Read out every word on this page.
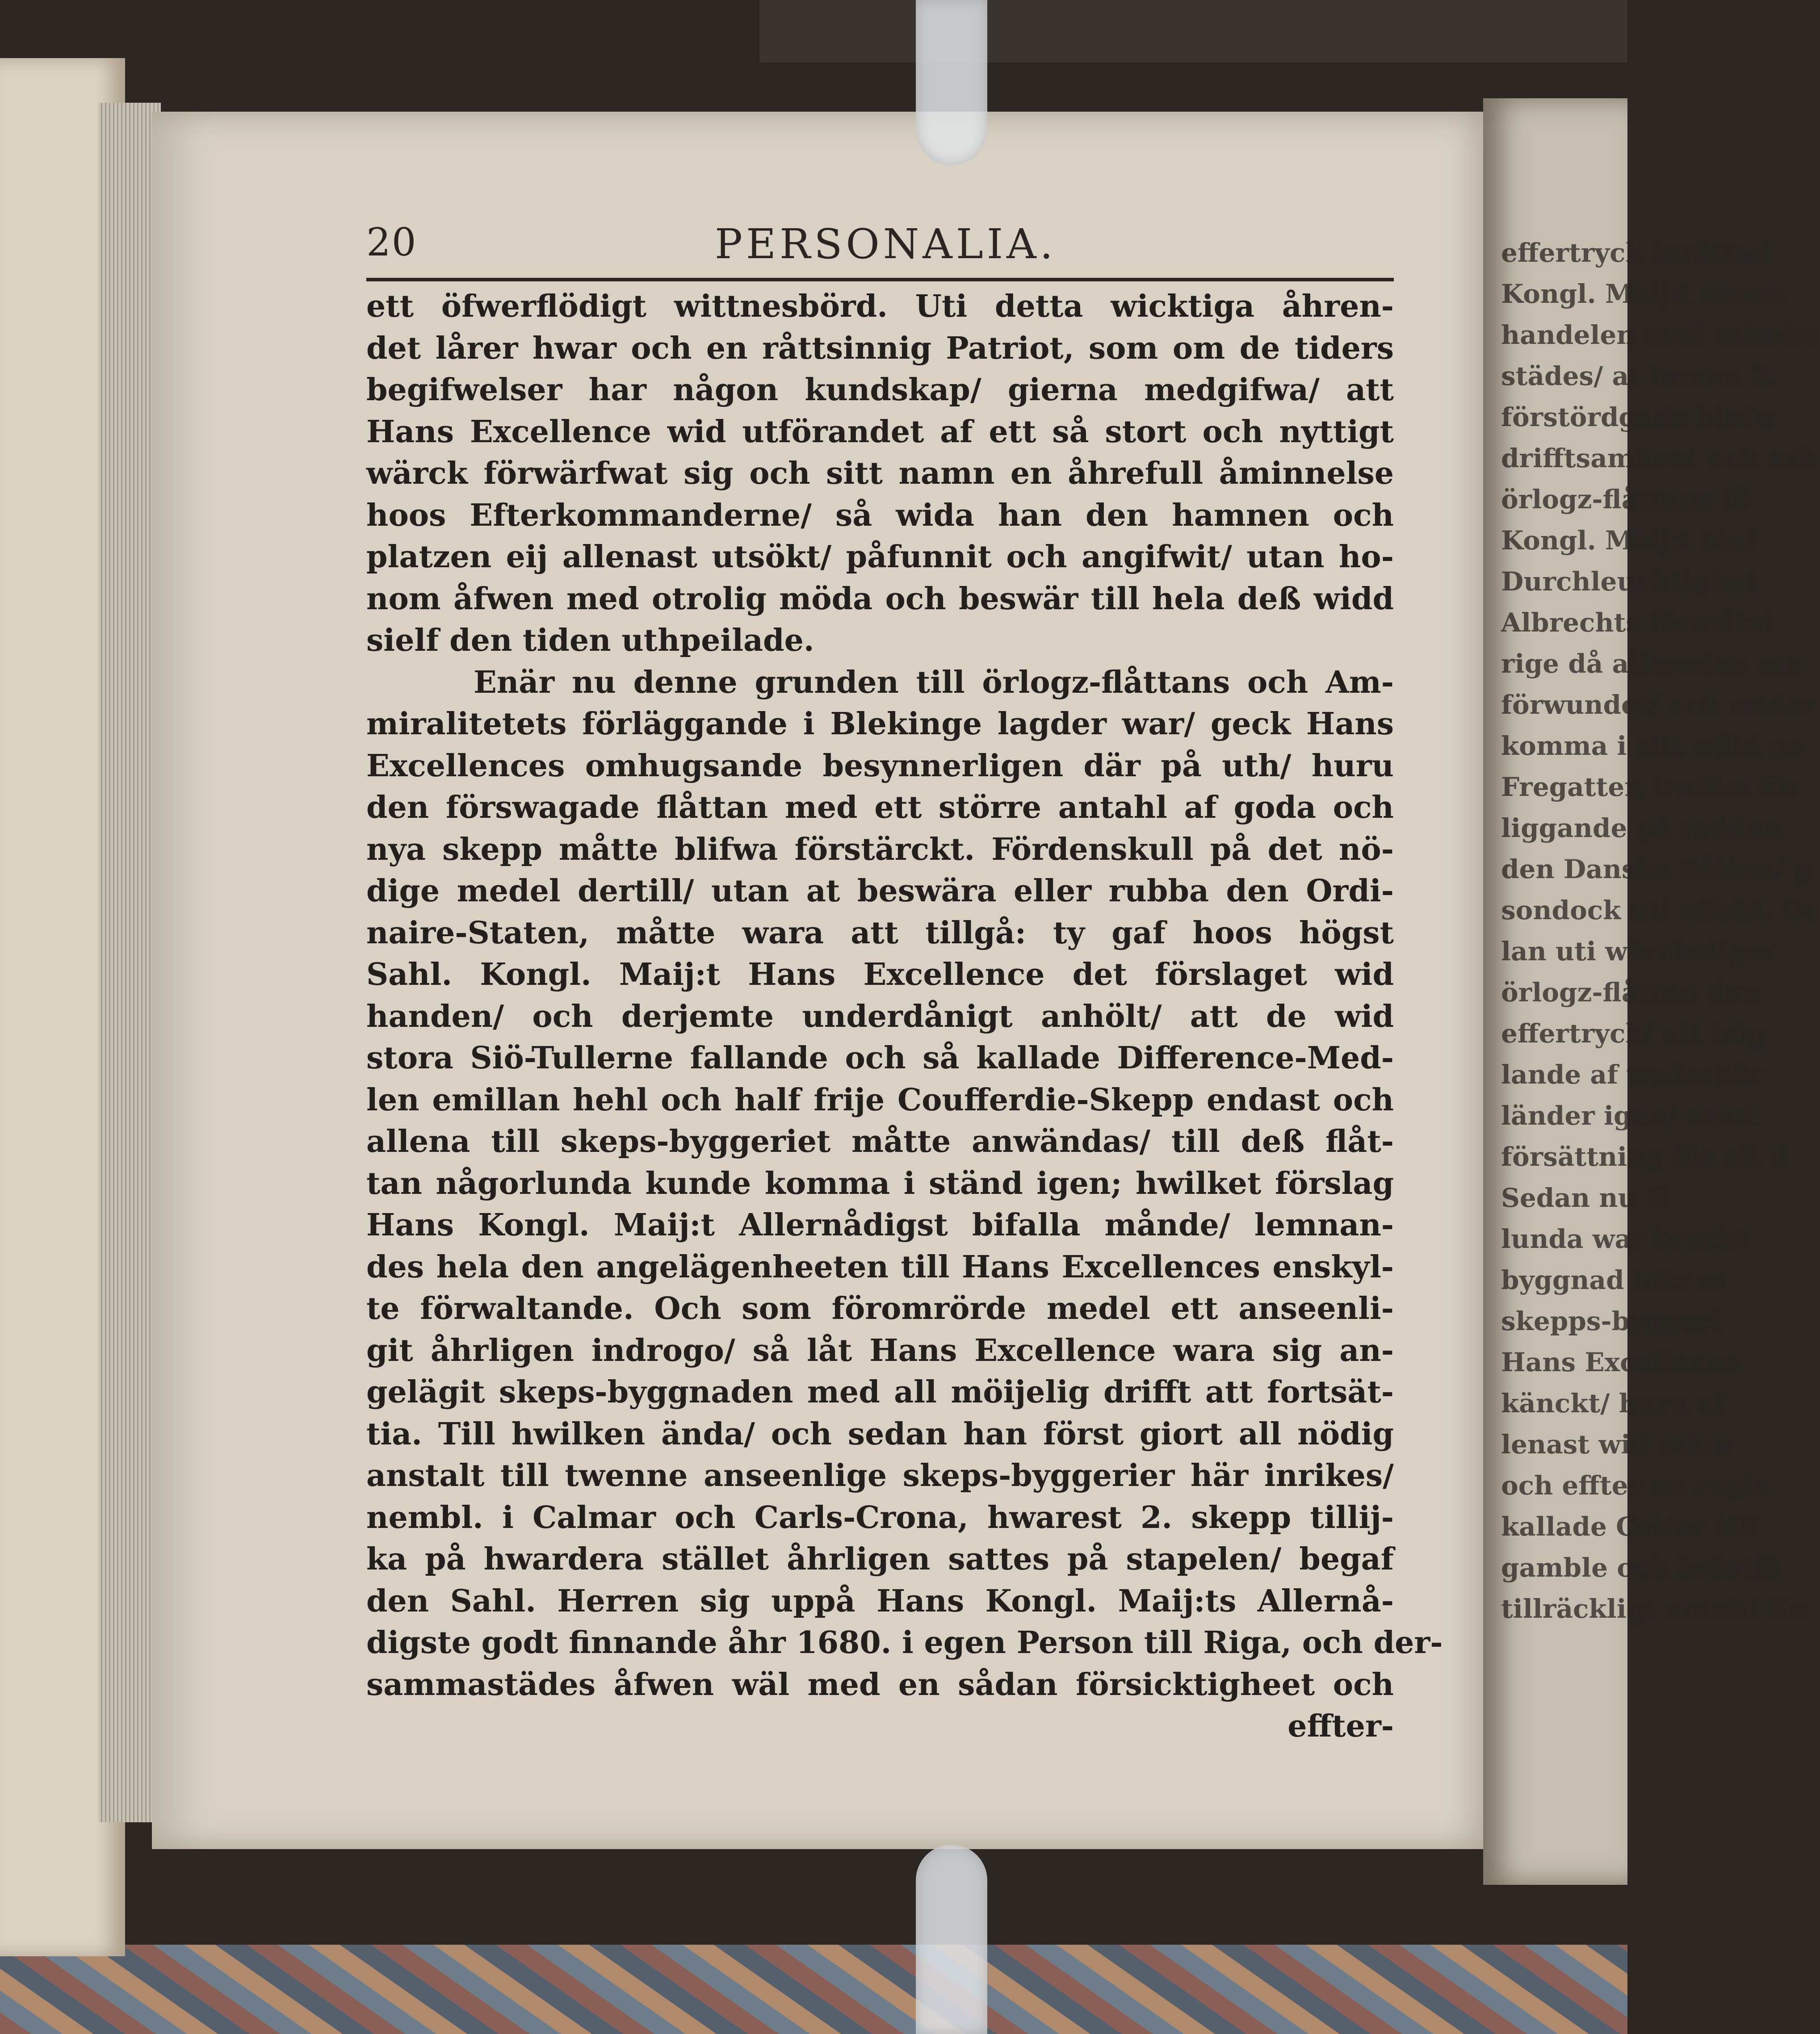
effertryck inrättad
Kongl. Maij:t samm
handelen med misshu
städes/ at innom 3.
förstördgade blefw
drifftsamheet och arb
örlogz-flåttans fö
Kongl. Maij:t blef
Durchleuchtighet
Albrechts förmåtet
rige då allaredan ma
förwundet/ och under
komma i sitt wäld ge
Fregatter, hwilka för
liggande på redden
den Danska flåttan/ g
sondock uti effekt. Oc
lan uti wärckeliger
örlogz-flåttan den
effertryck/ att hög
lande af wederbör
länder igen/ samt
försättning för all d
Sedan nu H
lunda war bracht
byggnad ickr m
skepps-byggeri
Hans Excellence
känckt/ huru af
lenast wid märe
och effter en regle
kallade Cetter till
gamble och bröstfä
tillräckligt antahl Ku
20	PERSONALIA.
ett öfwerflödigt wittnesbörd. Uti detta wicktiga åhren-
det lårer hwar och en råttsinnig Patriot, som om de tiders
begifwelser har någon kundskap/ gierna medgifwa/ att
Hans Excellence wid utförandet af ett så stort och nyttigt
wärck förwärfwat sig och sitt namn en åhrefull åminnelse
hoos Efterkommanderne/ så wida han den hamnen och
platzen eij allenast utsökt/ påfunnit och angifwit/ utan ho-
nom åfwen med otrolig möda och beswär till hela deß widd
sielf den tiden uthpeilade.
Enär nu denne grunden till örlogz-flåttans och Am-
miralitetets förläggande i Blekinge lagder war/ geck Hans
Excellences omhugsande besynnerligen där på uth/ huru
den förswagade flåttan med ett större antahl af goda och
nya skepp måtte blifwa förstärckt. Fördenskull på det nö-
dige medel dertill/ utan at beswära eller rubba den Ordi-
naire-Staten, måtte wara att tillgå: ty gaf hoos högst
Sahl. Kongl. Maij:t Hans Excellence det förslaget wid
handen/ och derjemte underdånigt anhölt/ att de wid
stora Siö-Tullerne fallande och så kallade Difference-Med-
len emillan hehl och half frije Coufferdie-Skepp endast och
allena till skeps-byggeriet måtte anwändas/ till deß flåt-
tan någorlunda kunde komma i ständ igen; hwilket förslag
Hans Kongl. Maij:t Allernådigst bifalla månde/ lemnan-
des hela den angelägenheeten till Hans Excellences enskyl-
te förwaltande. Och som föromrörde medel ett anseenli-
git åhrligen indrogo/ så låt Hans Excellence wara sig an-
gelägit skeps-byggnaden med all möijelig drifft att fortsät-
tia. Till hwilken ända/ och sedan han först giort all nödig
anstalt till twenne anseenlige skeps-byggerier här inrikes/
nembl. i Calmar och Carls-Crona, hwarest 2. skepp tillij-
ka på hwardera stället åhrligen sattes på stapelen/ begaf
den Sahl. Herren sig uppå Hans Kongl. Maij:ts Allernå-
digste godt finnande åhr 1680. i egen Person till Riga, och der-
sammastädes åfwen wäl med en sådan försicktigheet och
effter-
